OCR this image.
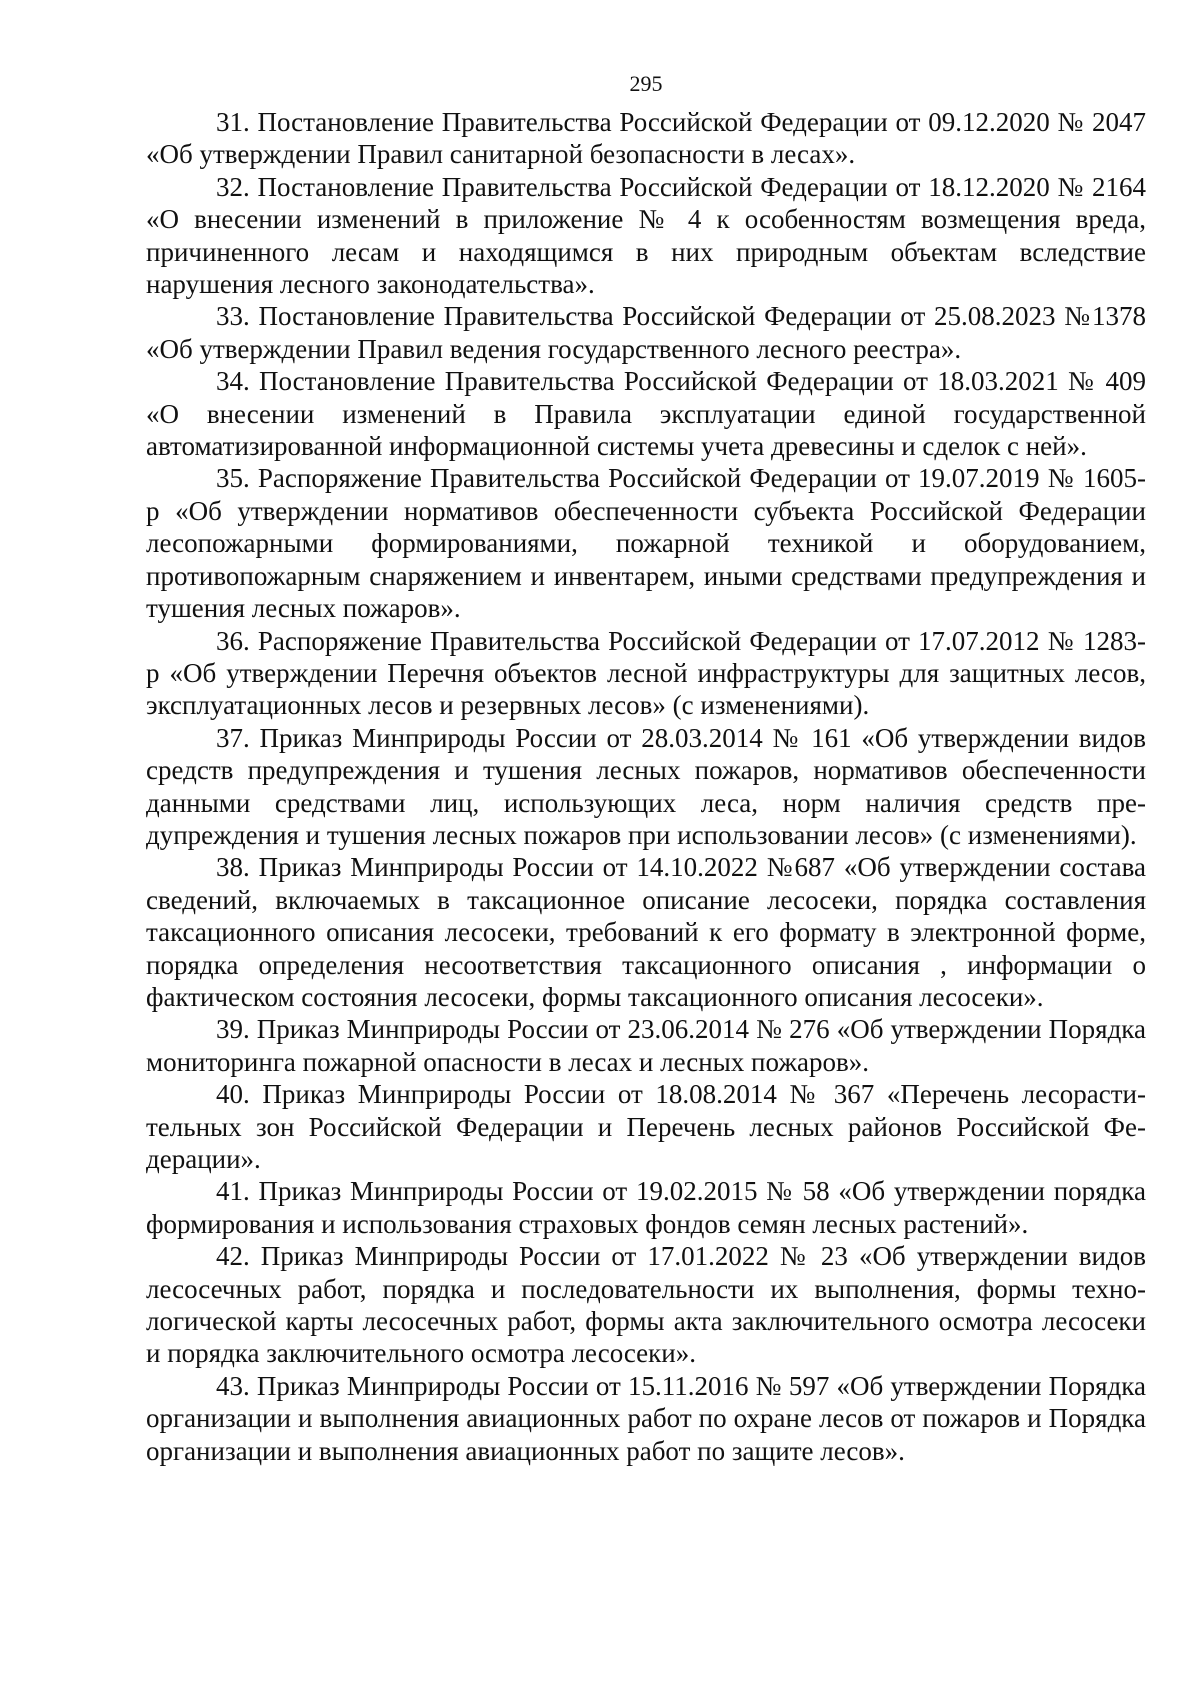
295

31. Постановление Правительства Российской Федерации от 09.12.2020 № 2047 «Об утверждении Правил санитарной безопасности в лесах».

32. Постановление Правительства Российской Федерации от 18.12.2020 № 2164 «О внесении изменений в приложение № 4 к особенностям возмещения вреда, причиненного лесам и находящимся в них природным объектам вследствие нарушения лесного законодательства».

33. Постановление Правительства Российской Федерации от 25.08.2023 №1378 «Об утверждении Правил ведения государственного лесного реестра».

34. Постановление Правительства Российской Федерации от 18.03.2021 № 409 «О внесении изменений в Правила эксплуатации единой государственной автоматизированной информационной системы учета древесины и сделок с ней».

35. Распоряжение Правительства Российской Федерации от 19.07.2019 № 1605-р «Об утверждении нормативов обеспеченности субъекта Российской Федерации лесопожарными формированиями, пожарной техникой и оборудованием, противопожарным снаряжением и инвентарем, иными средствами предупреждения и тушения лесных пожаров».

36. Распоряжение Правительства Российской Федерации от 17.07.2012 № 1283-р «Об утверждении Перечня объектов лесной инфраструктуры для защитных лесов, эксплуатационных лесов и резервных лесов» (с изменениями).

37. Приказ Минприроды России от 28.03.2014 № 161 «Об утверждении видов средств предупреждения и тушения лесных пожаров, нормативов обеспеченности данными средствами лиц, использующих леса, норм наличия средств предупреждения и тушения лесных пожаров при использовании лесов» (с изменениями).

38. Приказ Минприроды России от 14.10.2022 №687 «Об утверждении состава сведений, включаемых в таксационное описание лесосеки, порядка составления таксационного описания лесосеки, требований к его формату в электронной форме, порядка определения несоответствия таксационного описания , информации о фактическом состояния лесосеки, формы таксационного описания лесосеки».

39. Приказ Минприроды России от 23.06.2014 № 276 «Об утверждении Порядка мониторинга пожарной опасности в лесах и лесных пожаров».

40. Приказ Минприроды России от 18.08.2014 № 367 «Перечень лесорастительных зон Российской Федерации и Перечень лесных районов Российской Федерации».

41. Приказ Минприроды России от 19.02.2015 № 58 «Об утверждении порядка формирования и использования страховых фондов семян лесных растений».

42. Приказ Минприроды России от 17.01.2022 № 23 «Об утверждении видов лесосечных работ, порядка и последовательности их выполнения, формы технологической карты лесосечных работ, формы акта заключительного осмотра лесосеки и порядка заключительного осмотра лесосеки».

43. Приказ Минприроды России от 15.11.2016 № 597 «Об утверждении Порядка организации и выполнения авиационных работ по охране лесов от пожаров и Порядка организации и выполнения авиационных работ по защите лесов».
